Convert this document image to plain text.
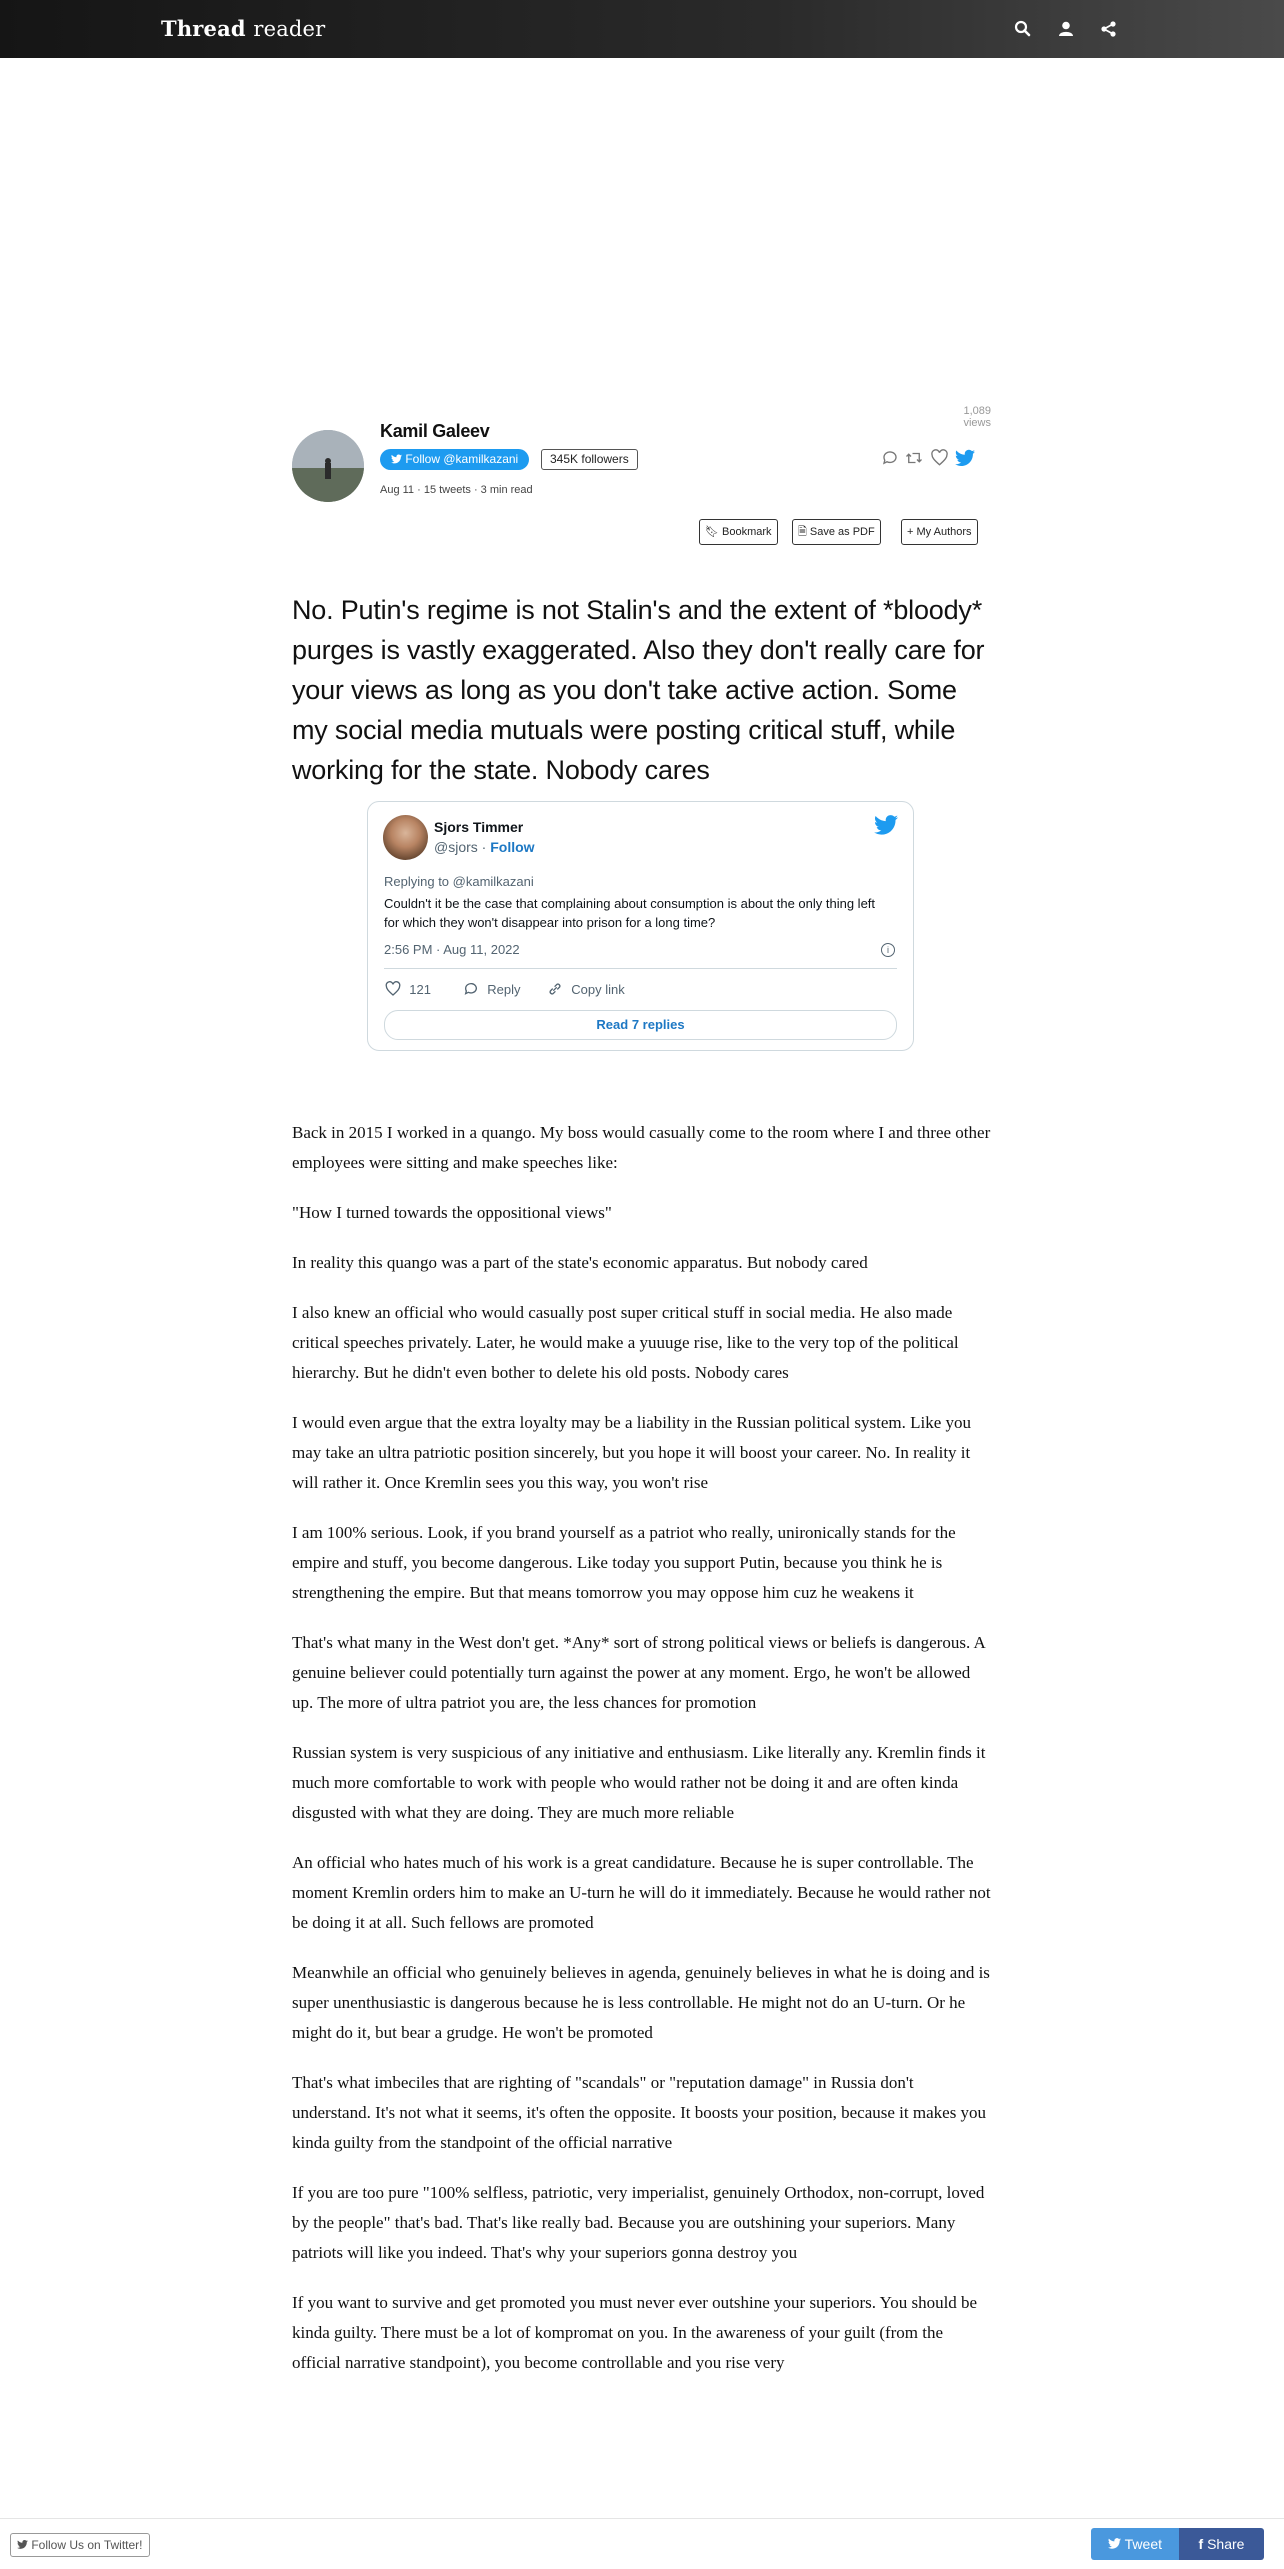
Thread reader
1,089 views
Kamil Galeev
Follow @kamilkazani	345K followers
Aug 11 · 15 tweets · 3 min read
🔖︎ Bookmark	🗎 Save as PDF	+ My Authors
No. Putin's regime is not Stalin's and the extent of *bloody* purges is vastly exaggerated. Also they don't really care for your views as long as you don't take active action. Some my social media mutuals were posting critical stuff, while working for the state. Nobody cares
Sjors Timmer
@sjors · Follow
Replying to @kamilkazani
Couldn't it be the case that complaining about consumption is about the only thing left for which they won't disappear into prison for a long time?
2:56 PM · Aug 11, 2022	i
121	Reply	Copy link
Read 7 replies

Back in 2015 I worked in a quango. My boss would casually come to the room where I and three other employees were sitting and make speeches like:

"How I turned towards the oppositional views"

In reality this quango was a part of the state's economic apparatus. But nobody cared

I also knew an official who would casually post super critical stuff in social media. He also made critical speeches privately. Later, he would make a yuuuge rise, like to the very top of the political hierarchy. But he didn't even bother to delete his old posts. Nobody cares

I would even argue that the extra loyalty may be a liability in the Russian political system. Like you may take an ultra patriotic position sincerely, but you hope it will boost your career. No. In reality it will rather it. Once Kremlin sees you this way, you won't rise

I am 100% serious. Look, if you brand yourself as a patriot who really, unironically stands for the empire and stuff, you become dangerous. Like today you support Putin, because you think he is strengthening the empire. But that means tomorrow you may oppose him cuz he weakens it

That's what many in the West don't get. *Any* sort of strong political views or beliefs is dangerous. A genuine believer could potentially turn against the power at any moment. Ergo, he won't be allowed up. The more of ultra patriot you are, the less chances for promotion

Russian system is very suspicious of any initiative and enthusiasm. Like literally any. Kremlin finds it much more comfortable to work with people who would rather not be doing it and are often kinda disgusted with what they are doing. They are much more reliable

An official who hates much of his work is a great candidature. Because he is super controllable. The moment Kremlin orders him to make an U-turn he will do it immediately. Because he would rather not be doing it at all. Such fellows are promoted

Meanwhile an official who genuinely believes in agenda, genuinely believes in what he is doing and is super unenthusiastic is dangerous because he is less controllable. He might not do an U-turn. Or he might do it, but bear a grudge. He won't be promoted

That's what imbeciles that are righting of "scandals" or "reputation damage" in Russia don't understand. It's not what it seems, it's often the opposite. It boosts your position, because it makes you kinda guilty from the standpoint of the official narrative

If you are too pure "100% selfless, patriotic, very imperialist, genuinely Orthodox, non-corrupt, loved by the people" that's bad. That's like really bad. Because you are outshining your superiors. Many patriots will like you indeed. That's why your superiors gonna destroy you

If you want to survive and get promoted you must never ever outshine your superiors. You should be kinda guilty. There must be a lot of kompromat on you. In the awareness of your guilt (from the official narrative standpoint), you become controllable and you rise very

Follow Us on Twitter!	Tweet	f Share
